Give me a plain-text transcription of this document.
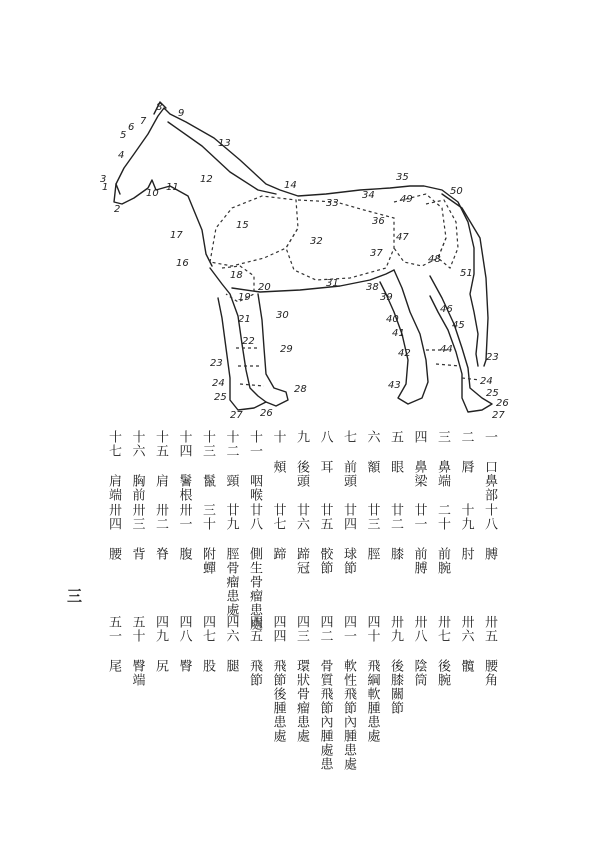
1
2
3
4
5
6
7
8
9
10
11
12
13
14
15
16
17
18
19
20
21
22
23
24
25
26
27
28
29
30
31
32
33
34
35
36
37
38
39
40
41
42
43
44
45
46
47
48
49
50
51
23
24
25
26
27
三
一 口鼻部
十八 膊
卅五 腰角
二 脣
十九 肘
卅六 髖
三 鼻端
二十 前腕
卅七 後腕
四 鼻梁
廿一 前膊
卅八 陰筒
五 眼
廿二 膝
卅九 後膝關節
六 額
廿三 脛
四十 飛綱軟腫患處
七 前頭
廿四 球節
四一 軟性飛節內腫患處
八 耳
廿五 骹節
四二 骨質飛節內腫處患
九 後頭
廿六 蹄冠
四三 環狀骨瘤患處
十 頰
廿七 蹄
四四 飛節後腫患處
十一 咽喉
廿八 側生骨瘤患處
四五 飛節
十二 頸
廿九 脛骨瘤患處
四六 腿
十三 鬣
三十 附蟬
四七 股
十四 鬐根
卅一 腹
四八 臀
十五 肩
卅二 脊
四九 尻
十六 胸前
卅三 背
五十 臀端
十七 肩端
卅四 腰
五一 尾
